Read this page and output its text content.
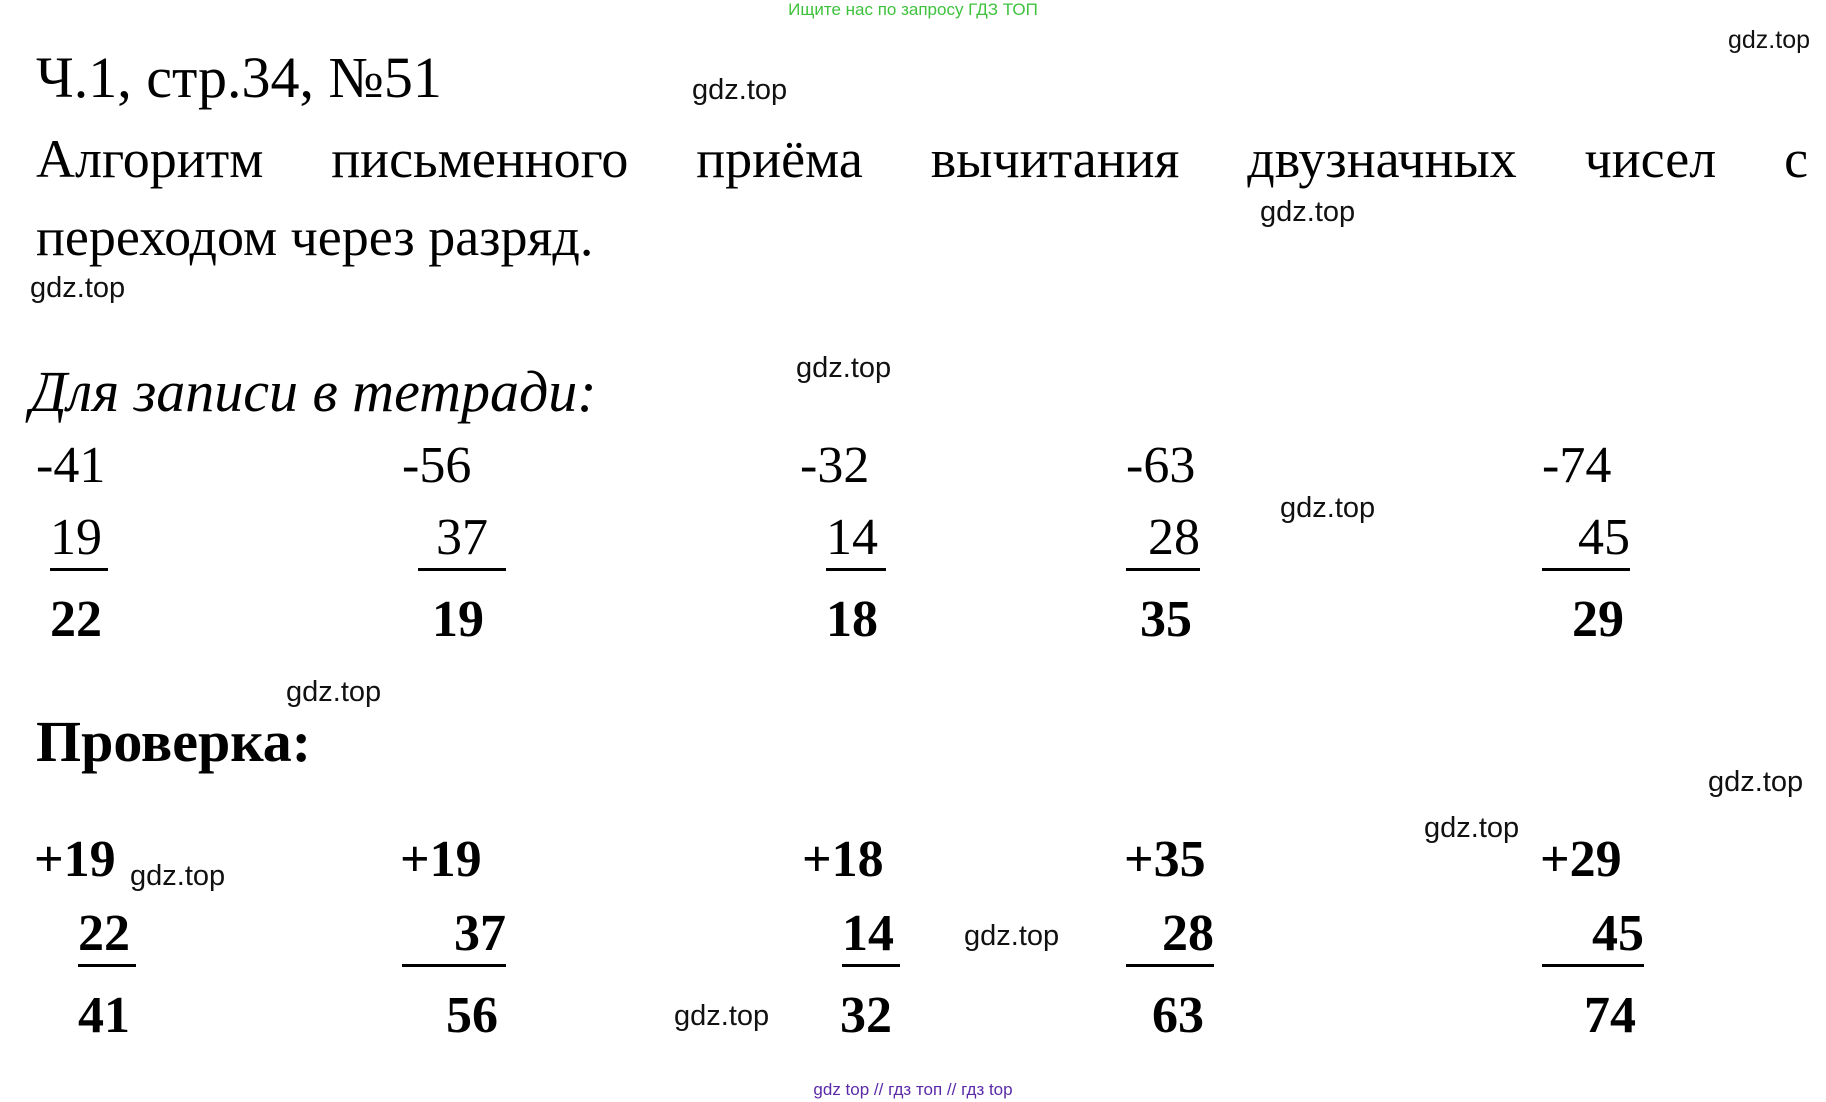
Ищите нас по запросу ГДЗ ТОП
gdz.top
gdz.top
gdz.top
gdz.top
gdz.top
gdz.top
gdz.top
gdz.top
gdz.top
gdz.top
gdz.top
gdz.top
Ч.1, стр.34, №51
Алгоритм письменного приёма вычитания двузначных чисел с
переходом через разряд.
Для записи в тетради:
-41
19
22
-56
37
19
-32
14
18
-63
28
35
-74
45
29
Проверка:
+19
22
41
+19
37
56
+18
14
32
+35
28
63
+29
45
74
gdz top // гдз топ // гдз top
